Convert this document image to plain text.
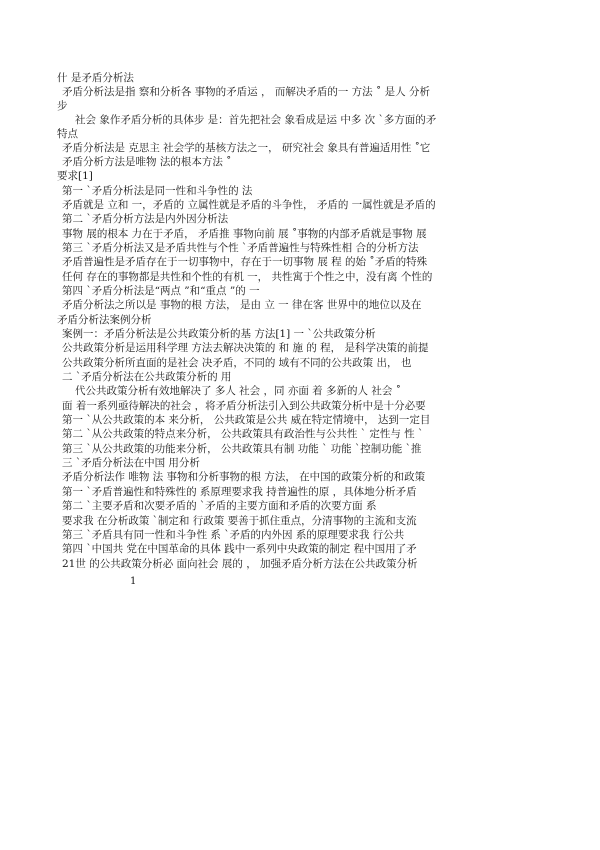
什 是矛盾分析法
矛盾分析法是指 察和分析各 事物的矛盾运 ， 而解决矛盾的一 方法 ˚ 是人 分析
步
社会 象作矛盾分析的具体步 是：首先把社会 象看成是运 中多 次 `多方面的矛
特点
矛盾分析法是 克思主 社会学的基核方法之一， 研究社会 象具有普遍适用性 ˚它
矛盾分析方法是唯物 法的根本方法 ˚
要求[1]
第一 `矛盾分析法是同一性和斗争性的 法
矛盾就是 立和 一，矛盾的 立属性就是矛盾的斗争性， 矛盾的 一属性就是矛盾的
第二 `矛盾分析方法是内外因分析法
事物 展的根本 力在于矛盾， 矛盾推 事物向前 展 ˚事物的内部矛盾就是事物 展
第三 `矛盾分析法又是矛盾共性与个性 `矛盾普遍性与特殊性相 合的分析方法
矛盾普遍性是矛盾存在于一切事物中，存在于一切事物 展 程 的始 ˚矛盾的特殊
任何 存在的事物都是共性和个性的有机 一， 共性寓于个性之中，没有离 个性的
第四 `矛盾分析法是“两点 ”和“重点 ”的 一
矛盾分析法之所以是 事物的根 方法， 是由 立 一 律在客 世界中的地位以及在
矛盾分析法案例分析
案例一：矛盾分析法是公共政策分析的基 方法[1] 一 `公共政策分析
公共政策分析是运用科学理 方法去解决决策的 和 施 的 程， 是科学决策的前提
公共政策分析所直面的是社会 决矛盾，不同的 域有不同的公共政策 出， 也
二 `矛盾分析法在公共政策分析的 用
代公共政策分析有效地解决了 多人 社会 ，同 亦面 着 多新的人 社会 ˚
面 着一系列亟待解决的社会 ，将矛盾分析法引入到公共政策分析中是十分必要
第一 `从公共政策的本 来分析， 公共政策是公共 威在特定情境中， 达到一定目
第二 `从公共政策的特点来分析， 公共政策具有政治性与公共性 ` 定性与 性 `
第三 `从公共政策的功能来分析， 公共政策具有制 功能 ` 功能 `控制功能 `推
三 `矛盾分析法在中国 用分析
矛盾分析法作 唯物 法 事物和分析事物的根 方法， 在中国的政策分析的和政策
第一 `矛盾普遍性和特殊性的 系原理要求我 持普遍性的原 ，具体地分析矛盾
第二 `主要矛盾和次要矛盾的 `矛盾的主要方面和矛盾的次要方面 系
要求我 在分析政策 `制定和 行政策 要善于抓住重点，分清事物的主流和支流
第三 `矛盾具有同一性和斗争性 系 `矛盾的内外因 系的原理要求我 行公共
第四 `中国共 党在中国革命的具体 践中一系列中央政策的制定 程中国用了矛
21世 的公共政策分析必 面向社会 展的 ， 加强矛盾分析方法在公共政策分析
1
